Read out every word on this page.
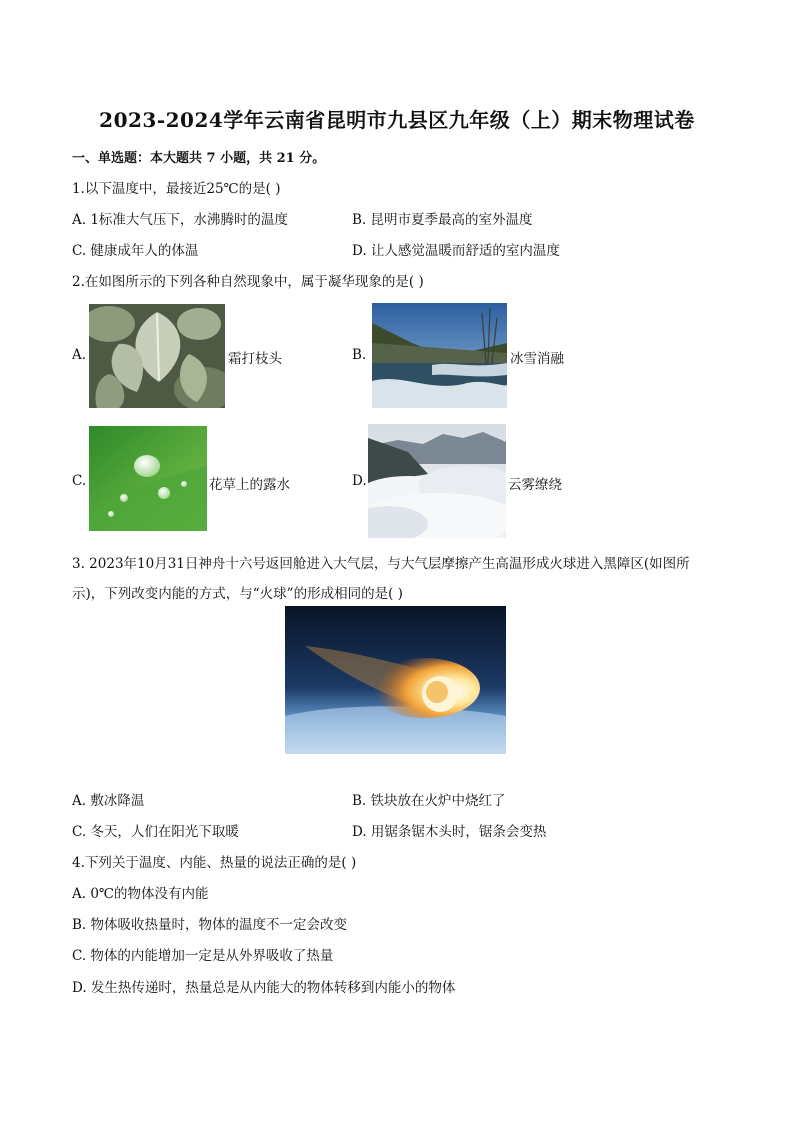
2023-2024学年云南省昆明市九县区九年级（上）期末物理试卷
一、单选题：本大题共 7 小题，共 21 分。
1.以下温度中，最接近25℃的是( )
A. 1标准大气压下，水沸腾时的温度	B. 昆明市夏季最高的室外温度
C. 健康成年人的体温	D. 让人感觉温暖而舒适的室内温度
2.在如图所示的下列各种自然现象中，属于凝华现象的是( )
A.	霜打枝头	B.	冰雪消融
C.	花草上的露水	D.	云雾缭绕
3. 2023年10月31日神舟十六号返回舱进入大气层，与大气层摩擦产生高温形成火球进入黑障区(如图所
示)，下列改变内能的方式，与“火球”的形成相同的是( )
A. 敷冰降温	B. 铁块放在火炉中烧红了
C. 冬天，人们在阳光下取暖	D. 用锯条锯木头时，锯条会变热
4.下列关于温度、内能、热量的说法正确的是( )
A. 0℃的物体没有内能
B. 物体吸收热量时，物体的温度不一定会改变
C. 物体的内能增加一定是从外界吸收了热量
D. 发生热传递时，热量总是从内能大的物体转移到内能小的物体
